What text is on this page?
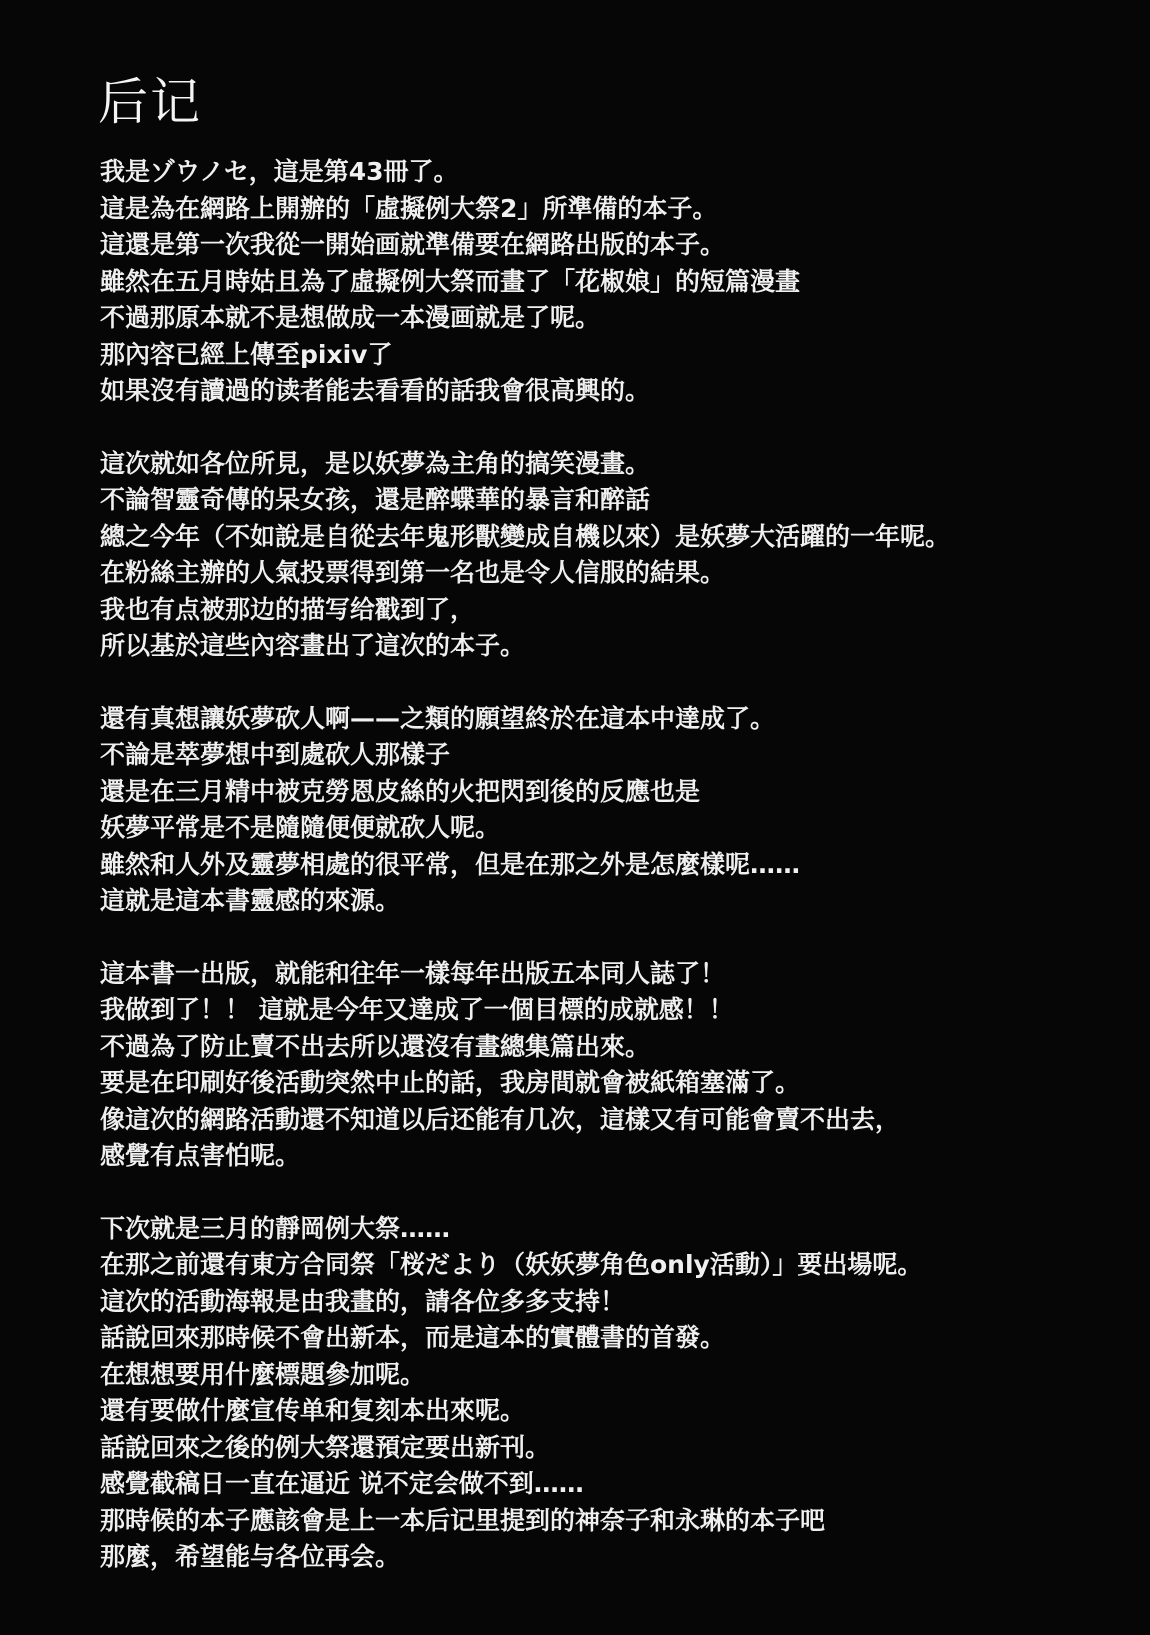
后记
我是ゾウノセ，這是第43冊了。
這是為在網路上開辦的「虛擬例大祭2」所準備的本子。
這還是第一次我從一開始画就準備要在網路出版的本子。
雖然在五月時姑且為了虛擬例大祭而畫了「花椒娘」的短篇漫畫
不過那原本就不是想做成一本漫画就是了呢。
那內容已經上傳至pixiv了
如果沒有讀過的读者能去看看的話我會很高興的。
這次就如各位所見，是以妖夢為主角的搞笑漫畫。
不論智靈奇傳的呆女孩，還是醉蝶華的暴言和醉話
總之今年（不如說是自從去年鬼形獸變成自機以來）是妖夢大活躍的一年呢。
在粉絲主辦的人氣投票得到第一名也是令人信服的結果。
我也有点被那边的描写给戳到了，
所以基於這些內容畫出了這次的本子。
還有真想讓妖夢砍人啊——之類的願望終於在這本中達成了。
不論是萃夢想中到處砍人那樣子
還是在三月精中被克勞恩皮絲的火把閃到後的反應也是
妖夢平常是不是隨隨便便就砍人呢。
雖然和人外及靈夢相處的很平常，但是在那之外是怎麼樣呢……
這就是這本書靈感的來源。
這本書一出版，就能和往年一樣每年出版五本同人誌了！
我做到了！！ 這就是今年又達成了一個目標的成就感！！
不過為了防止賣不出去所以還沒有畫總集篇出來。
要是在印刷好後活動突然中止的話，我房間就會被紙箱塞滿了。
像這次的網路活動還不知道以后还能有几次，這樣又有可能會賣不出去，
感覺有点害怕呢。
下次就是三月的靜岡例大祭……
在那之前還有東方合同祭「桜だより（妖妖夢角色only活動）」要出場呢。
這次的活動海報是由我畫的，請各位多多支持！
話說回來那時候不會出新本，而是這本的實體書的首發。
在想想要用什麼標題參加呢。
還有要做什麼宣传单和复刻本出來呢。
話說回來之後的例大祭還預定要出新刊。
感覺截稿日一直在逼近 说不定会做不到……
那時候的本子應該會是上一本后记里提到的神奈子和永琳的本子吧
那麼，希望能与各位再会。
